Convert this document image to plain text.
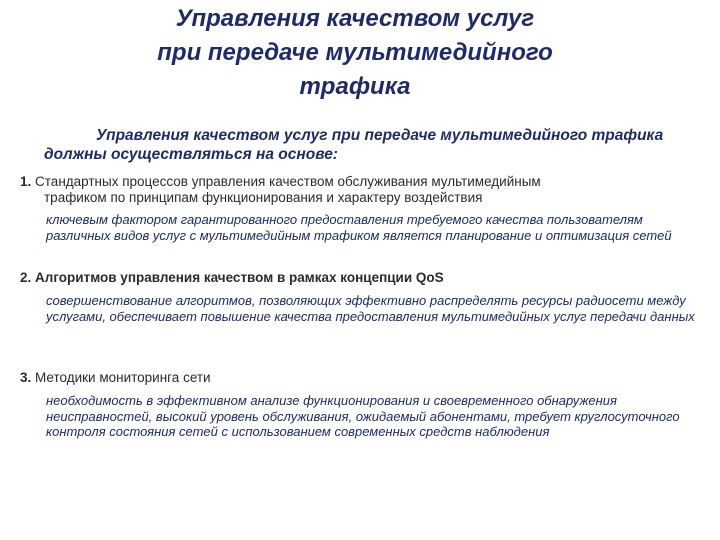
Управления качеством услуг
при передаче мультимедийного
трафика
Управления качеством услуг при передаче мультимедийного трафика должны осуществляться на основе:
1. Стандартных процессов управления качеством обслуживания мультимедийным
трафиком по принципам функционирования и характеру воздействия
ключевым фактором гарантированного предоставления требуемого качества пользователям различных видов услуг с мультимедийным трафиком является планирование и оптимизация сетей
2. Алгоритмов управления качеством в рамках концепции QoS
совершенствование алгоритмов, позволяющих эффективно распределять ресурсы радиосети между услугами, обеспечивает повышение качества предоставления мультимедийных услуг передачи данных
3. Методики мониторинга сети
необходимость в эффективном анализе функционирования и своевременного обнаружения неисправностей, высокий уровень обслуживания, ожидаемый абонентами, требует круглосуточного контроля состояния сетей с использованием современных средств наблюдения
